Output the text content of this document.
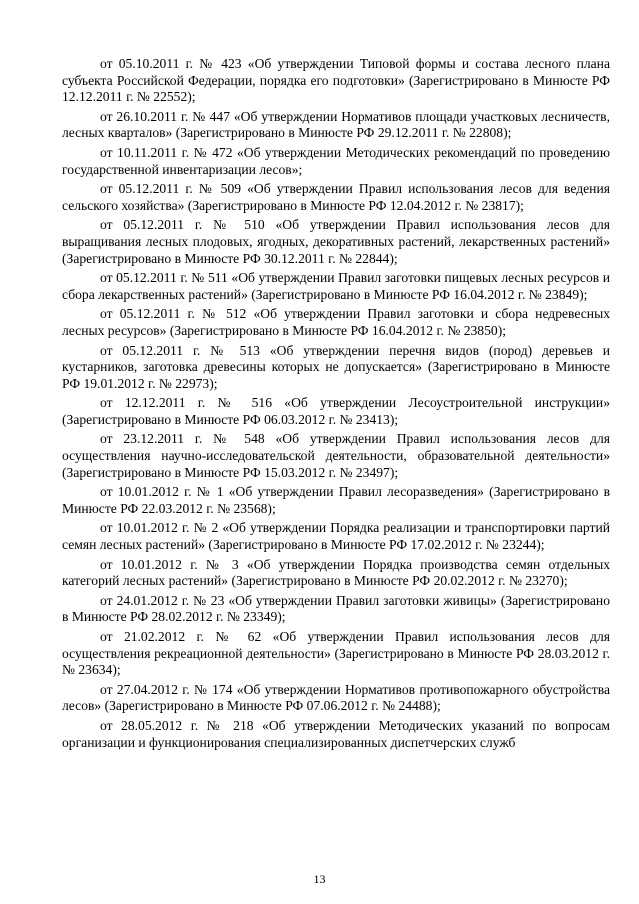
от 05.10.2011 г. № 423 «Об утверждении Типовой формы и состава лесного плана субъекта Российской Федерации, порядка его подготовки» (Зарегистрировано в Минюсте РФ 12.12.2011 г. № 22552);

от 26.10.2011 г. № 447 «Об утверждении Нормативов площади участковых лесничеств, лесных кварталов» (Зарегистрировано в Минюсте РФ 29.12.2011 г. № 22808);

от 10.11.2011 г. № 472 «Об утверждении Методических рекомендаций по проведению государственной инвентаризации лесов»;

от 05.12.2011 г. № 509 «Об утверждении Правил использования лесов для ведения сельского хозяйства» (Зарегистрировано в Минюсте РФ 12.04.2012 г. № 23817);

от 05.12.2011 г. № 510 «Об утверждении Правил использования лесов для выращивания лесных плодовых, ягодных, декоративных растений, лекарственных растений» (Зарегистрировано в Минюсте РФ 30.12.2011 г. № 22844);

от 05.12.2011 г. № 511 «Об утверждении Правил заготовки пищевых лесных ресурсов и сбора лекарственных растений» (Зарегистрировано в Минюсте РФ 16.04.2012 г. № 23849);

от 05.12.2011 г. № 512 «Об утверждении Правил заготовки и сбора недревесных лесных ресурсов» (Зарегистрировано в Минюсте РФ 16.04.2012 г. № 23850);

от 05.12.2011 г. № 513 «Об утверждении перечня видов (пород) деревьев и кустарников, заготовка древесины которых не допускается» (Зарегистрировано в Минюсте РФ 19.01.2012 г. № 22973);

от 12.12.2011 г. № 516 «Об утверждении Лесоустроительной инструкции» (Зарегистрировано в Минюсте РФ 06.03.2012 г. № 23413);

от 23.12.2011 г. № 548 «Об утверждении Правил использования лесов для осуществления научно-исследовательской деятельности, образовательной деятельности» (Зарегистрировано в Минюсте РФ 15.03.2012 г. № 23497);

от 10.01.2012 г. № 1 «Об утверждении Правил лесоразведения» (Зарегистрировано в Минюсте РФ 22.03.2012 г. № 23568);

от 10.01.2012 г. № 2 «Об утверждении Порядка реализации и транспортировки партий семян лесных растений» (Зарегистрировано в Минюсте РФ 17.02.2012 г. № 23244);

от 10.01.2012 г. № 3 «Об утверждении Порядка производства семян отдельных категорий лесных растений» (Зарегистрировано в Минюсте РФ 20.02.2012 г. № 23270);

от 24.01.2012 г. № 23 «Об утверждении Правил заготовки живицы» (Зарегистрировано в Минюсте РФ 28.02.2012 г. № 23349);

от 21.02.2012 г. № 62 «Об утверждении Правил использования лесов для осуществления рекреационной деятельности» (Зарегистрировано в Минюсте РФ 28.03.2012 г. № 23634);

от 27.04.2012 г. № 174 «Об утверждении Нормативов противопожарного обустройства лесов» (Зарегистрировано в Минюсте РФ 07.06.2012 г. № 24488);

от 28.05.2012 г. № 218 «Об утверждении Методических указаний по вопросам организации и функционирования специализированных диспетчерских служб

13
